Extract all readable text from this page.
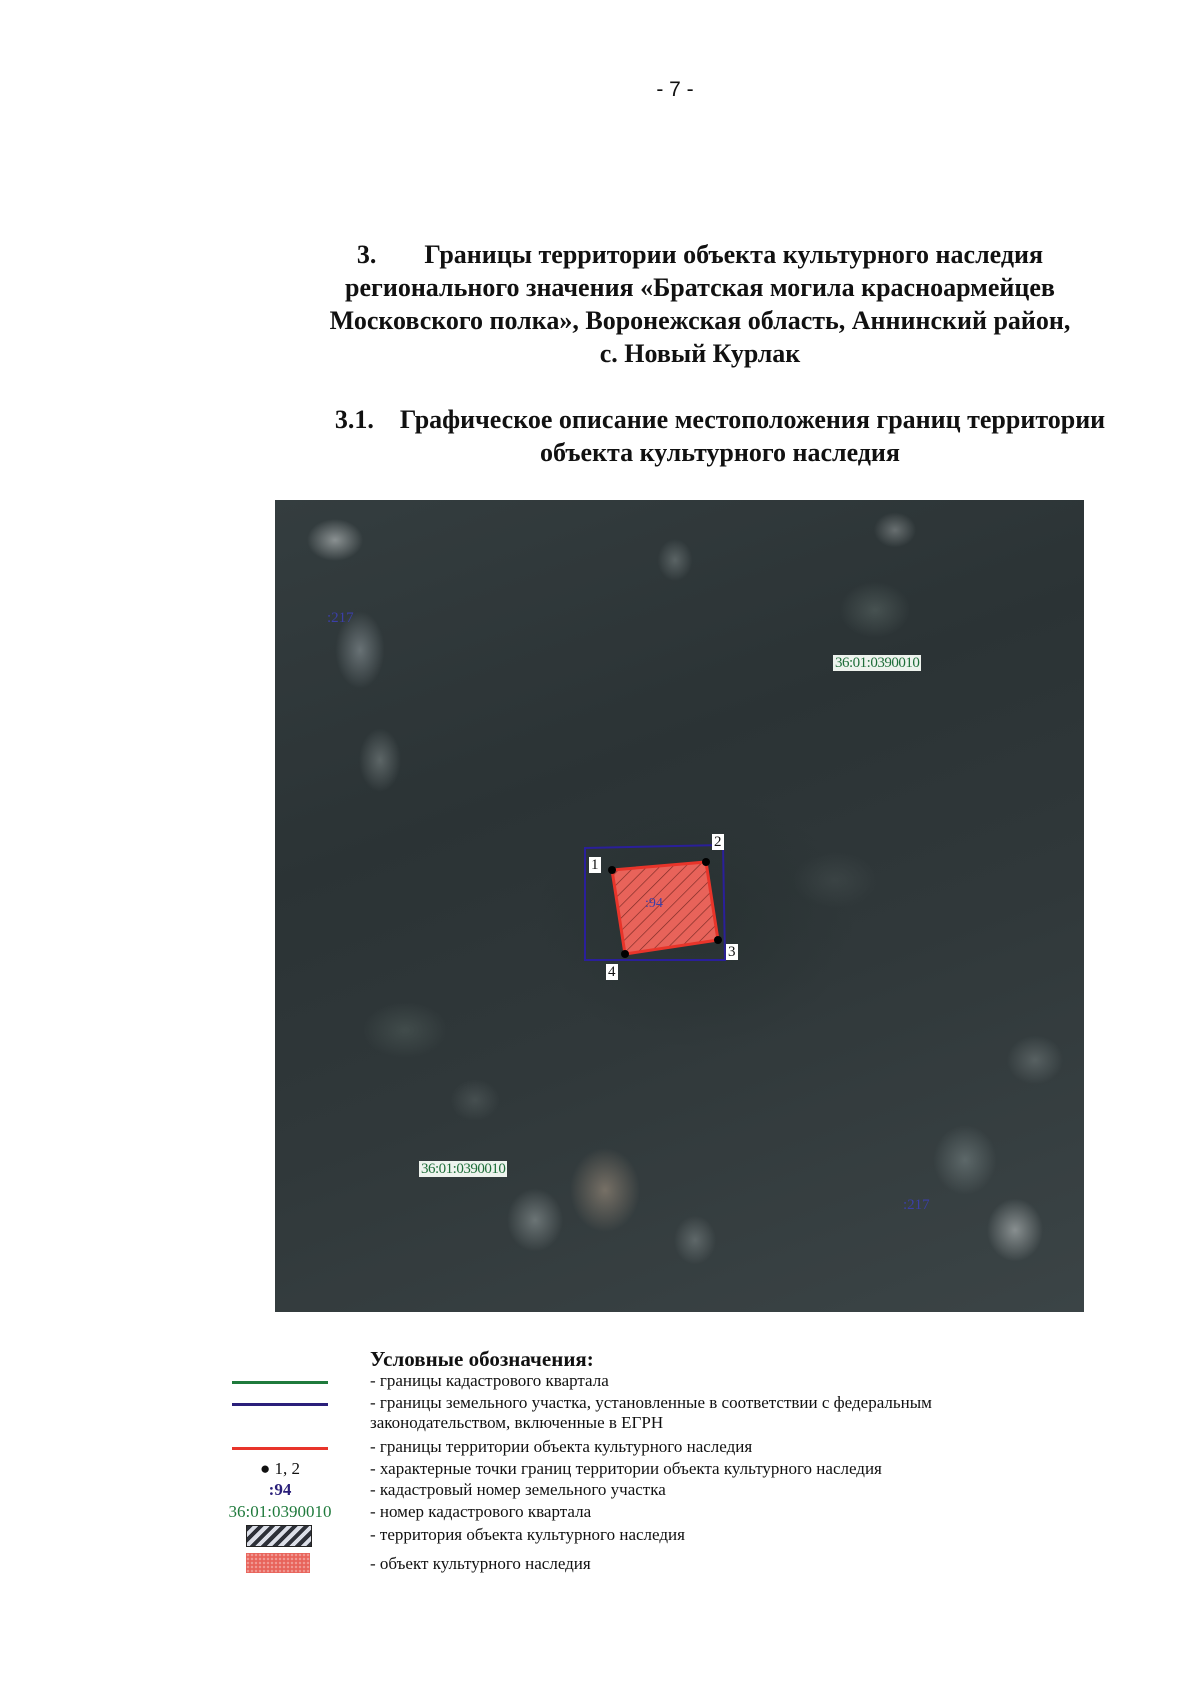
- 7 -
3. Границы территории объекта культурного наследия
регионального значения «Братская могила красноармейцев
Московского полка», Воронежская область, Аннинский район,
с. Новый Курлак
3.1. Графическое описание местоположения границ территории
объекта культурного наследия
:217
36:01:0390010
36:01:0390010
:217
:94
1
2
3
4
Условные обозначения:
- границы кадастрового квартала
- границы земельного участка, установленные в соответствии с федеральным
законодательством, включенные в ЕГРН
- границы территории объекта культурного наследия
● 1, 2	- характерные точки границ территории объекта культурного наследия
:94	- кадастровый номер земельного участка
36:01:0390010	- номер кадастрового квартала
- территория объекта культурного наследия
- объект культурного наследия
